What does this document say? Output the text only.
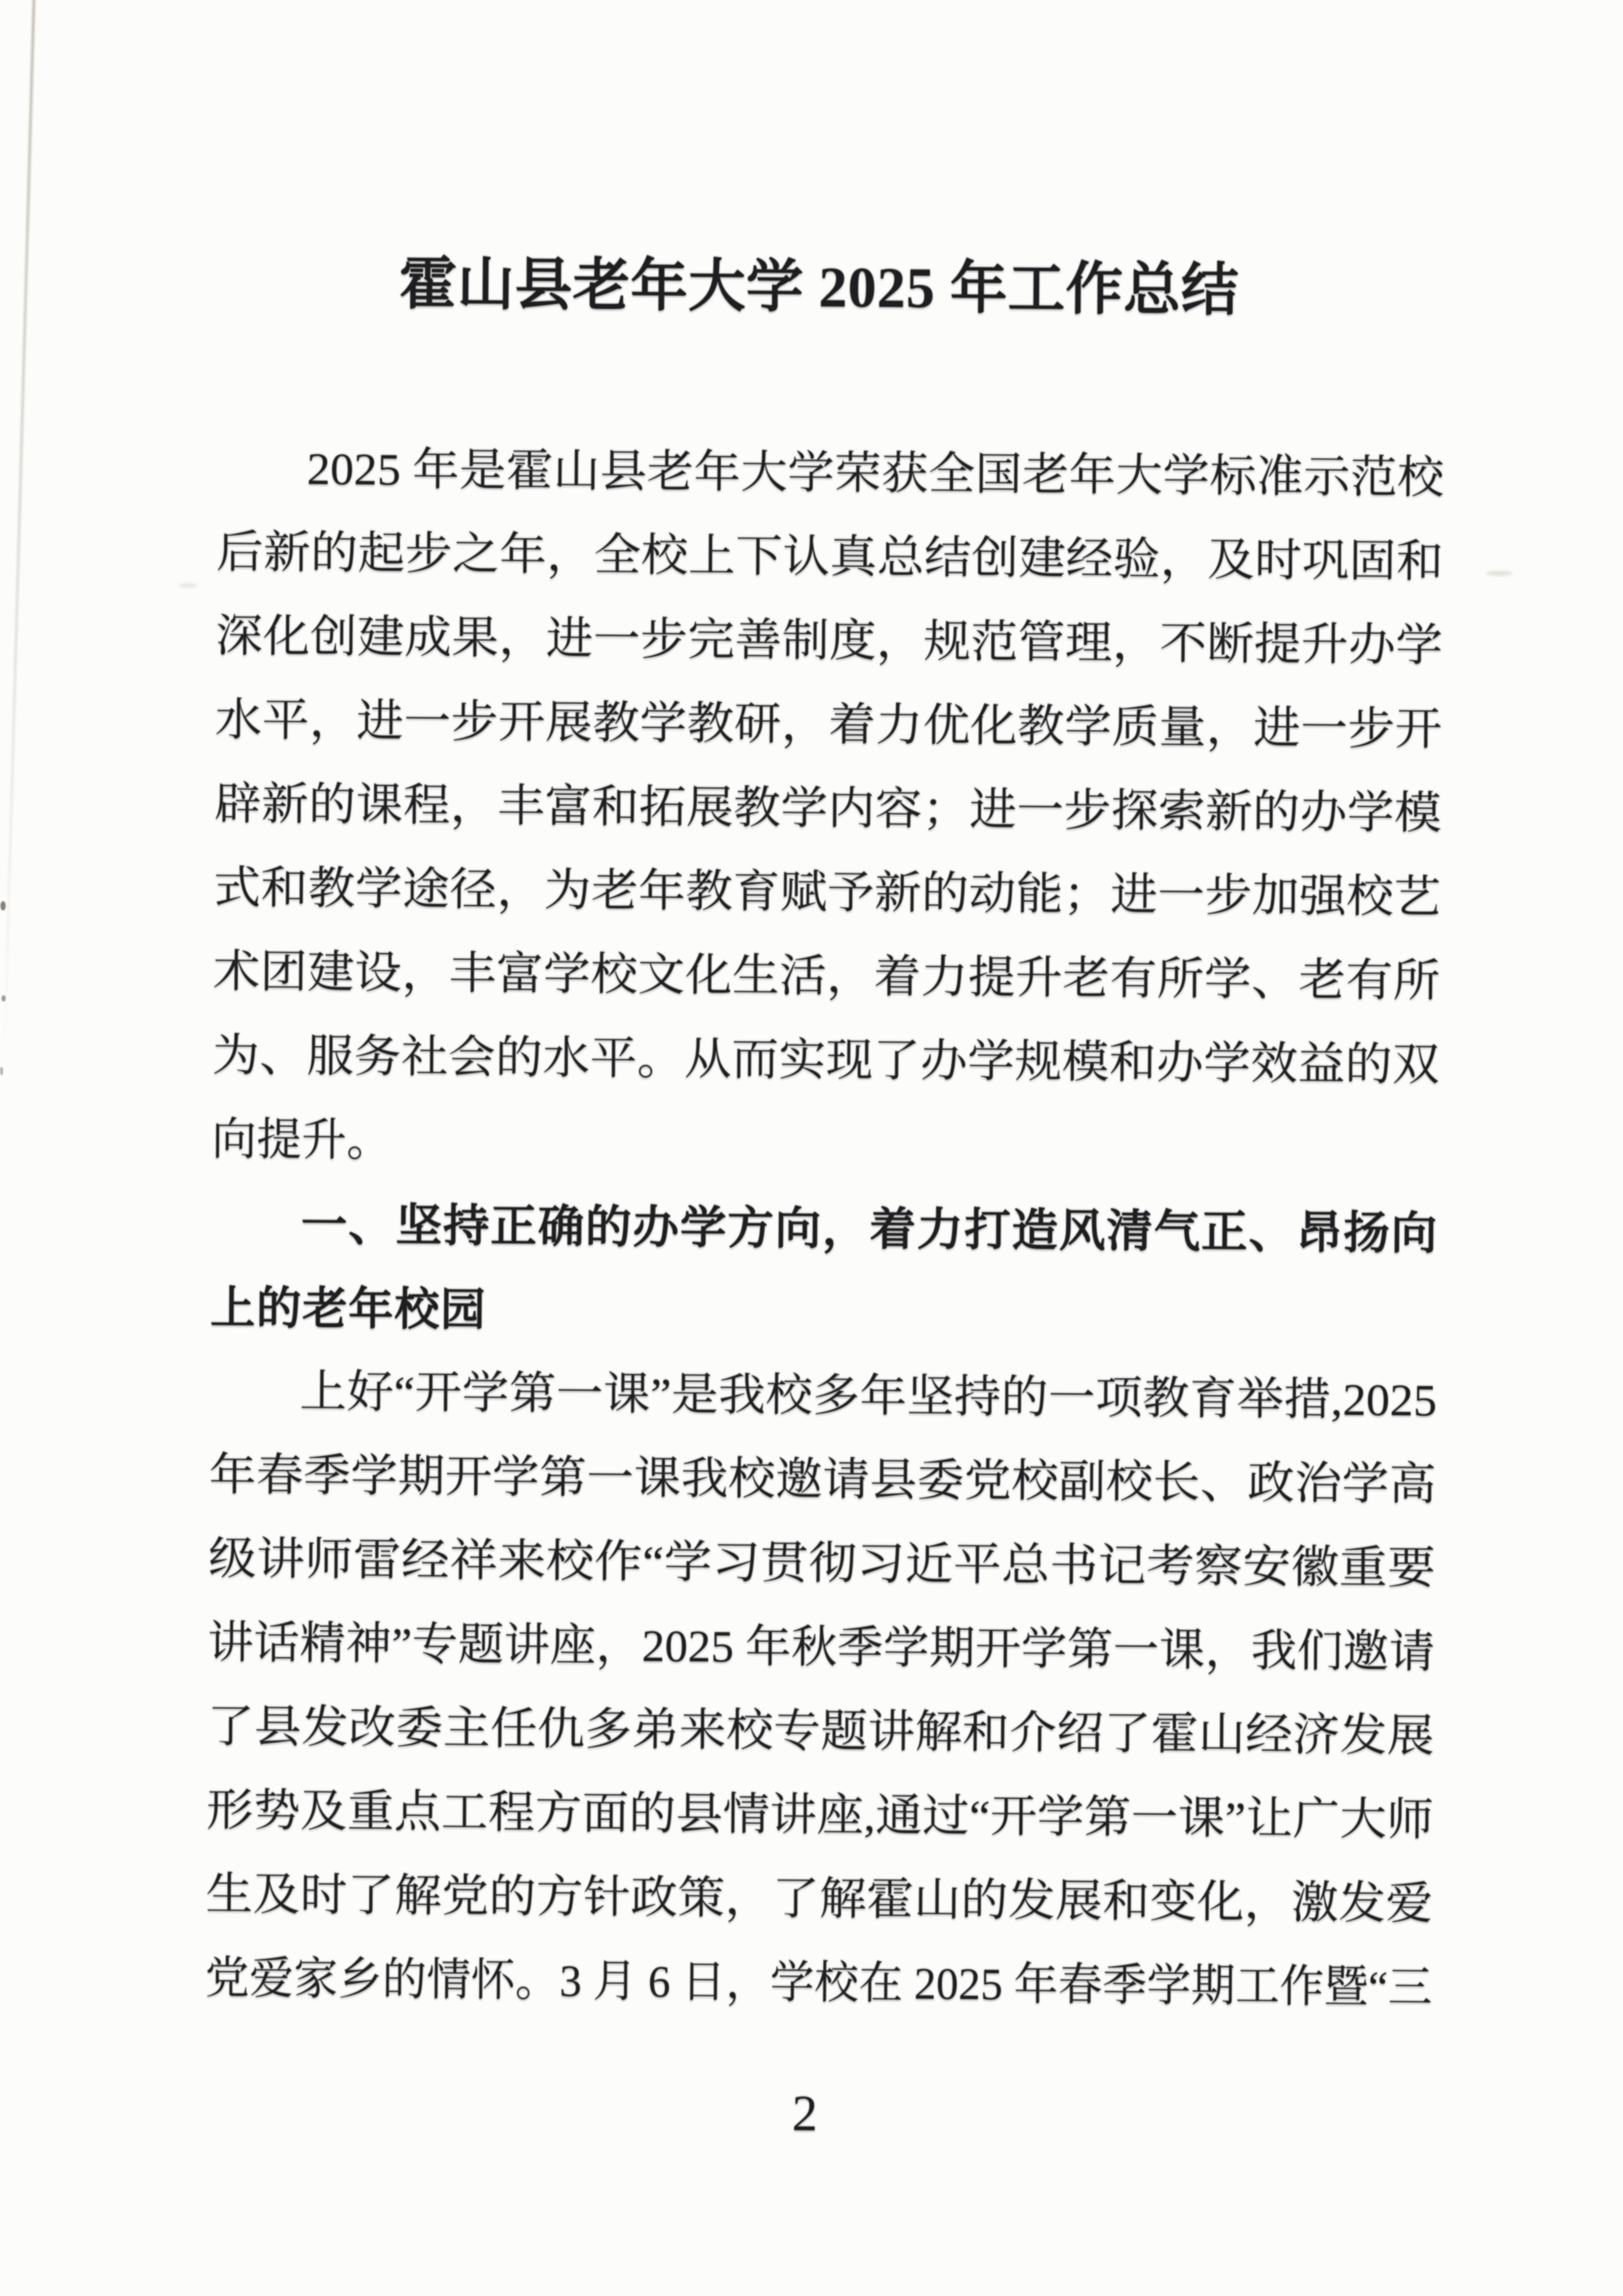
霍山县老年大学 2025 年工作总结
2025 年是霍山县老年大学荣获全国老年大学标准示范校
后新的起步之年，全校上下认真总结创建经验，及时巩固和
深化创建成果，进一步完善制度，规范管理，不断提升办学
水平，进一步开展教学教研，着力优化教学质量，进一步开
辟新的课程，丰富和拓展教学内容；进一步探索新的办学模
式和教学途径，为老年教育赋予新的动能；进一步加强校艺
术团建设，丰富学校文化生活，着力提升老有所学、老有所
为、服务社会的水平。从而实现了办学规模和办学效益的双
向提升。
一、坚持正确的办学方向，着力打造风清气正、昂扬向
上的老年校园
上好“开学第一课”是我校多年坚持的一项教育举措,2025
年春季学期开学第一课我校邀请县委党校副校长、政治学高
级讲师雷经祥来校作“学习贯彻习近平总书记考察安徽重要
讲话精神”专题讲座，2025 年秋季学期开学第一课，我们邀请
了县发改委主任仇多弟来校专题讲解和介绍了霍山经济发展
形势及重点工程方面的县情讲座,通过“开学第一课”让广大师
生及时了解党的方针政策，了解霍山的发展和变化，激发爱
党爱家乡的情怀。3 月 6 日，学校在 2025 年春季学期工作暨“三
2
